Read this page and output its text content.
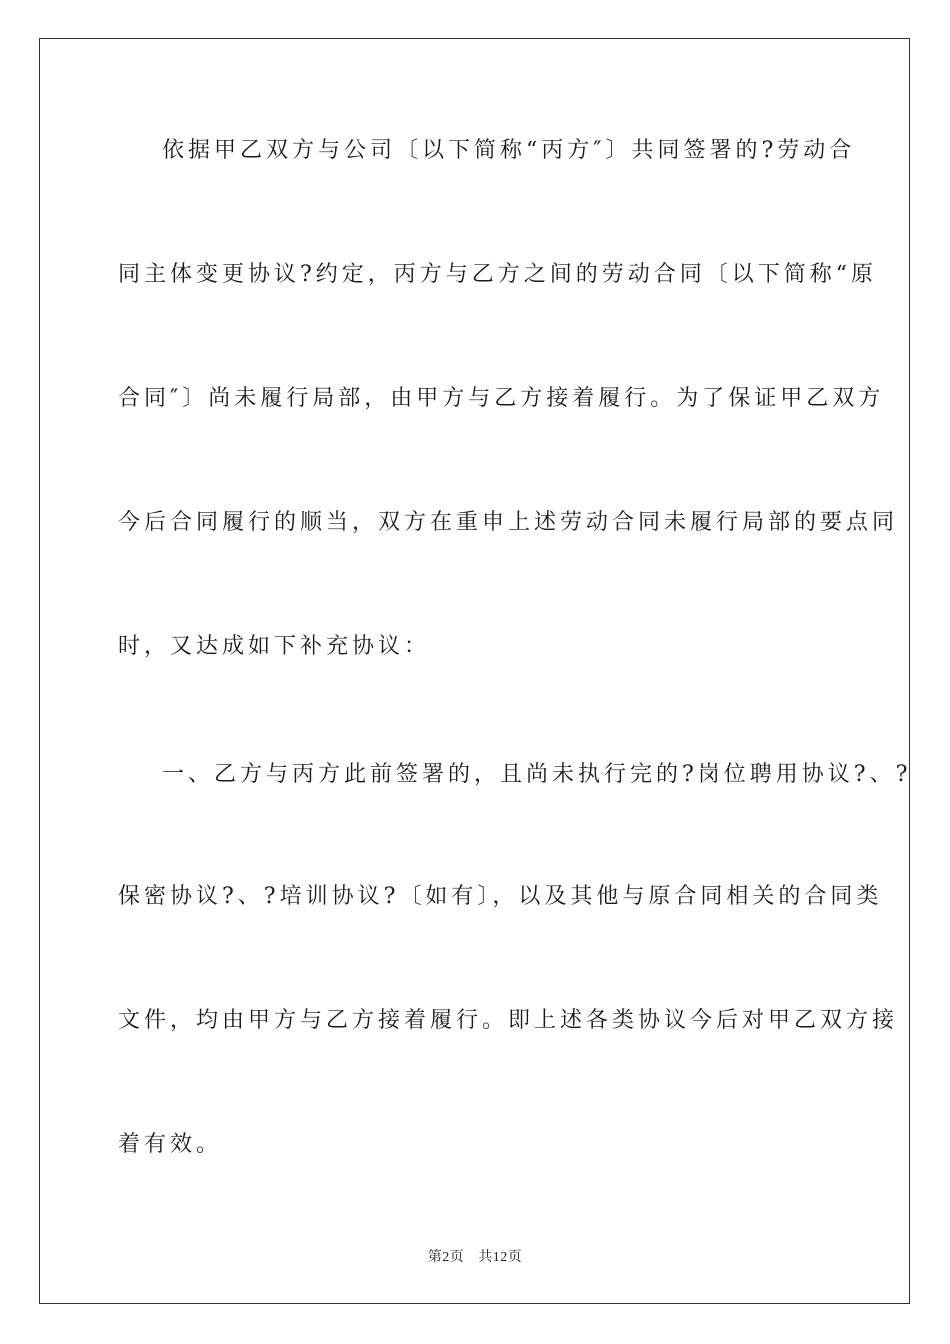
依据甲乙双方与公司〔以下简称“丙方″〕共同签署的?劳动合
同主体变更协议?约定，丙方与乙方之间的劳动合同〔以下简称“原
合同″〕尚未履行局部，由甲方与乙方接着履行。为了保证甲乙双方
今后合同履行的顺当，双方在重申上述劳动合同未履行局部的要点同
时，又达成如下补充协议：
一、乙方与丙方此前签署的，且尚未执行完的?岗位聘用协议?、?
保密协议?、?培训协议?〔如有〕，以及其他与原合同相关的合同类
文件，均由甲方与乙方接着履行。即上述各类协议今后对甲乙双方接
着有效。
第2页 共12页
